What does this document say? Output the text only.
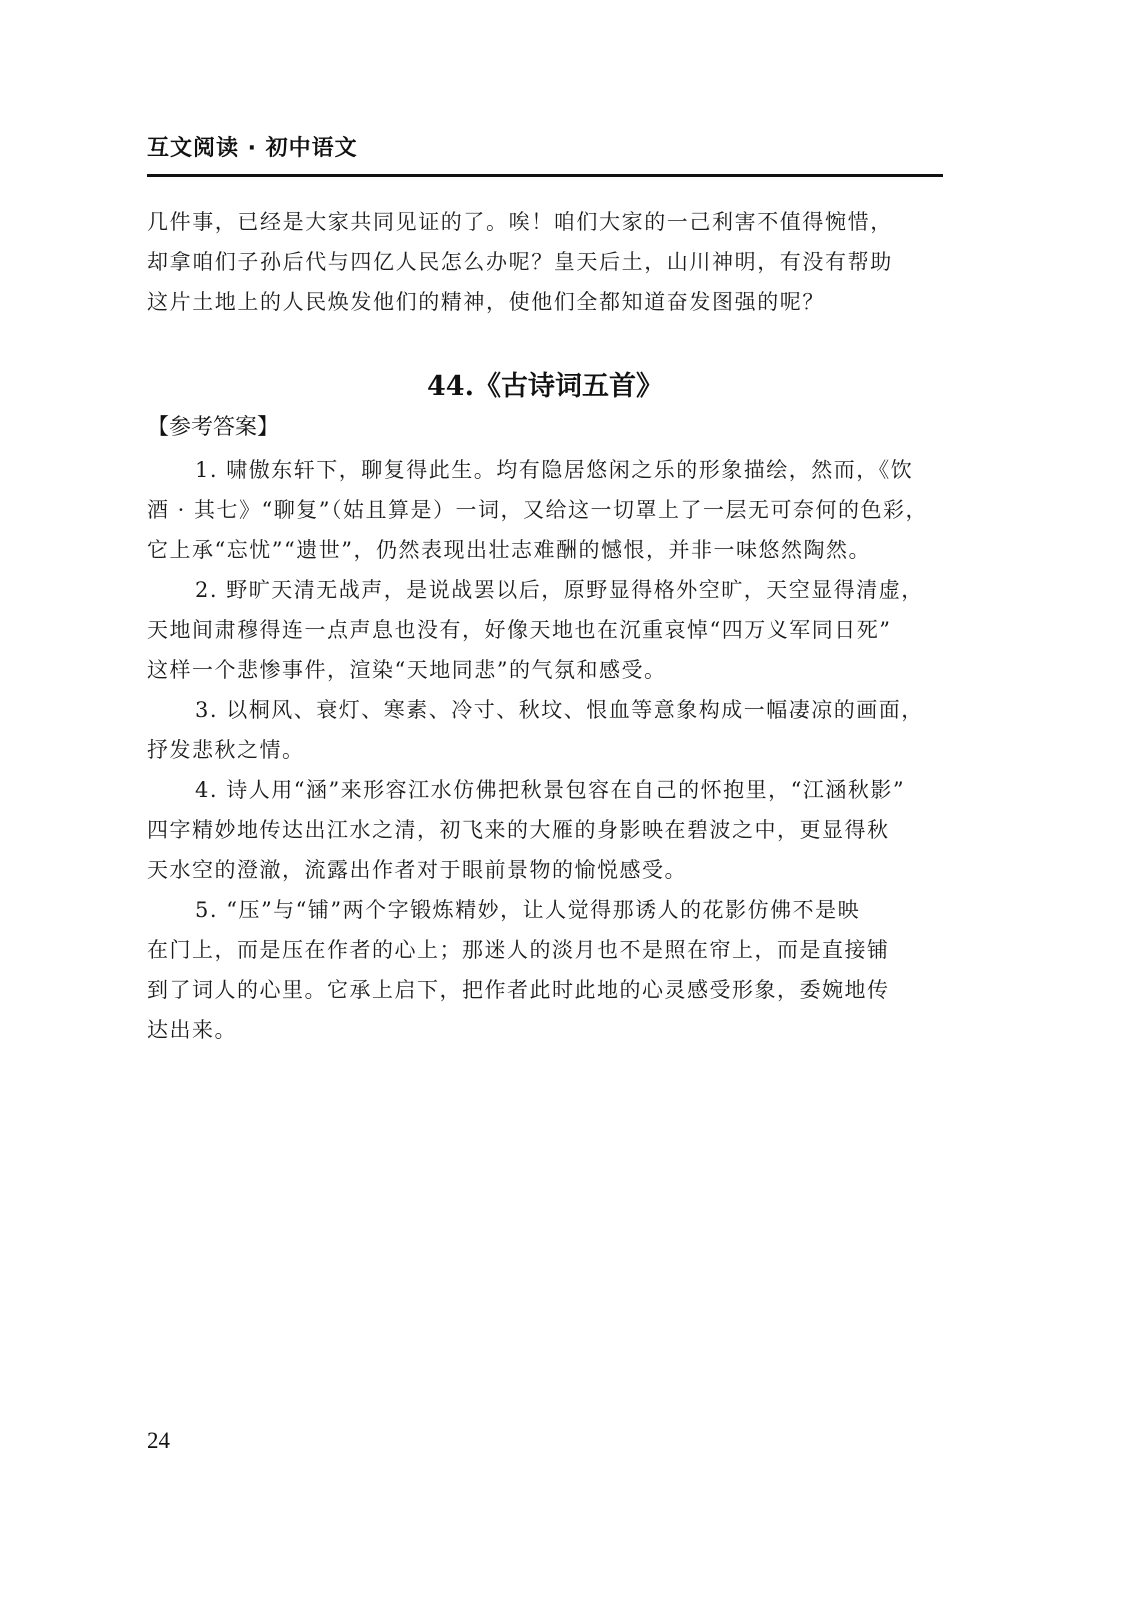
互文阅读 · 初中语文
几件事，已经是大家共同见证的了。唉！咱们大家的一己利害不值得惋惜，
却拿咱们子孙后代与四亿人民怎么办呢？皇天后土，山川神明，有没有帮助
这片土地上的人民焕发他们的精神，使他们全都知道奋发图强的呢？
44.《古诗词五首》
【参考答案】
1. 啸傲东轩下，聊复得此生。均有隐居悠闲之乐的形象描绘，然而，《饮
酒 · 其七》“聊复”（姑且算是）一词，又给这一切罩上了一层无可奈何的色彩，
它上承“忘忧”“遗世”，仍然表现出壮志难酬的憾恨，并非一味悠然陶然。
2. 野旷天清无战声，是说战罢以后，原野显得格外空旷，天空显得清虚，
天地间肃穆得连一点声息也没有，好像天地也在沉重哀悼“四万义军同日死”
这样一个悲惨事件，渲染“天地同悲”的气氛和感受。
3. 以桐风、衰灯、寒素、冷寸、秋坟、恨血等意象构成一幅凄凉的画面，
抒发悲秋之情。
4. 诗人用“涵”来形容江水仿佛把秋景包容在自己的怀抱里，“江涵秋影”
四字精妙地传达出江水之清，初飞来的大雁的身影映在碧波之中，更显得秋
天水空的澄澈，流露出作者对于眼前景物的愉悦感受。
5. “压”与“铺”两个字锻炼精妙，让人觉得那诱人的花影仿佛不是映
在门上，而是压在作者的心上；那迷人的淡月也不是照在帘上，而是直接铺
到了词人的心里。它承上启下，把作者此时此地的心灵感受形象，委婉地传
达出来。
24
